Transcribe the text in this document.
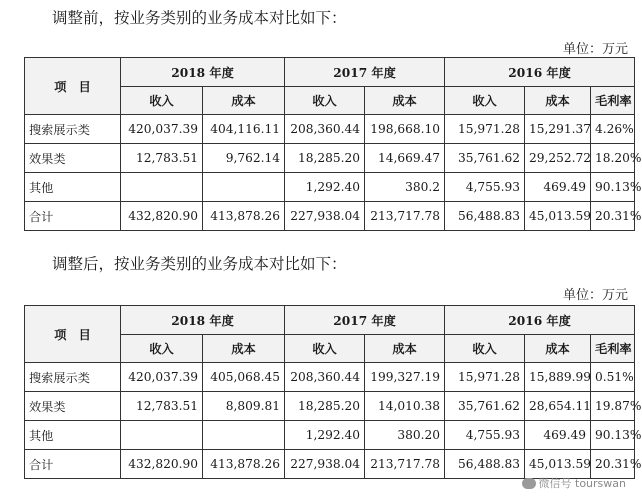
调整前，按业务类别的业务成本对比如下：
单位：万元
项　目	2018 年度		2017 年度		2016 年度		
	收入	成本	收入	成本	收入	成本	毛利率
搜索展示类	420,037.39	404,116.11	208,360.44	198,668.10	15,971.28	15,291.37	4.26%
效果类	12,783.51	9,762.14	18,285.20	14,669.47	35,761.62	29,252.72	18.20%
其他			1,292.40	380.2	4,755.93	469.49	90.13%
合计	432,820.90	413,878.26	227,938.04	213,717.78	56,488.83	45,013.59	20.31%
调整后，按业务类别的业务成本对比如下：
单位：万元
项　目	2018 年度		2017 年度		2016 年度		
	收入	成本	收入	成本	收入	成本	毛利率
搜索展示类	420,037.39	405,068.45	208,360.44	199,327.19	15,971.28	15,889.99	0.51%
效果类	12,783.51	8,809.81	18,285.20	14,010.38	35,761.62	28,654.11	19.87%
其他			1,292.40	380.20	4,755.93	469.49	90.13%
合计	432,820.90	413,878.26	227,938.04	213,717.78	56,488.83	45,013.59	20.31%
微信号 tourswan
